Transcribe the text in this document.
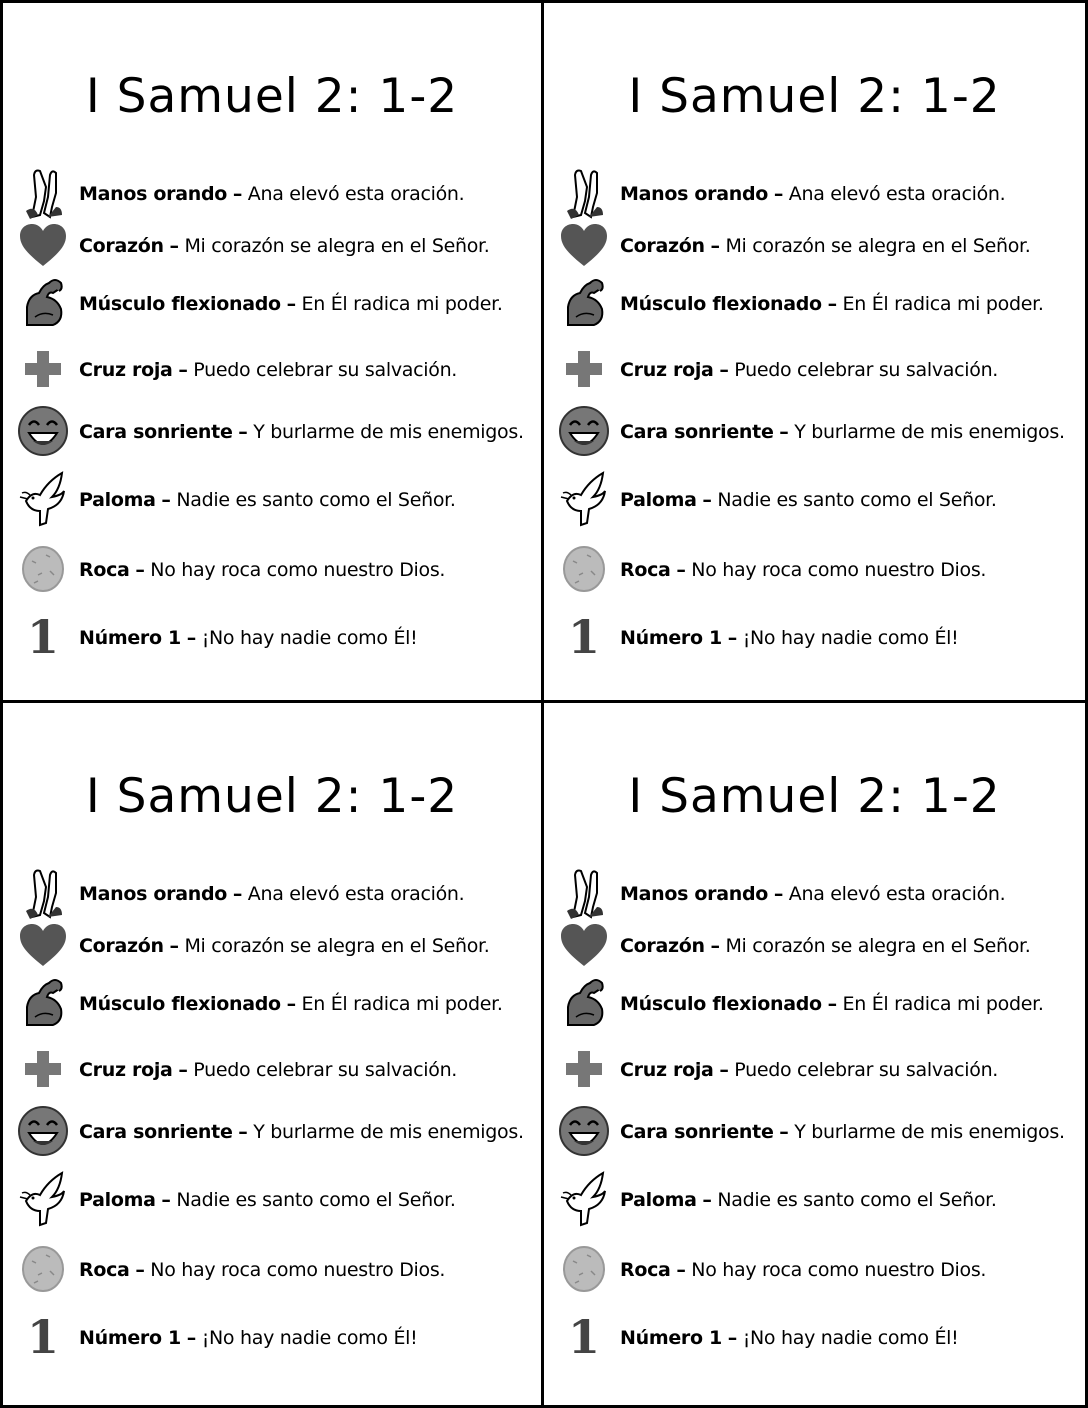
I Samuel 2: 1-2
Manos orando – Ana elevó esta oración.
Corazón – Mi corazón se alegra en el Señor.
Músculo flexionado – En Él radica mi poder.
Cruz roja – Puedo celebrar su salvación.
Cara sonriente – Y burlarme de mis enemigos.
Paloma – Nadie es santo como el Señor.
Roca – No hay roca como nuestro Dios.
1 Número 1 – ¡No hay nadie como Él!
I Samuel 2: 1-2
Manos orando – Ana elevó esta oración.
Corazón – Mi corazón se alegra en el Señor.
Músculo flexionado – En Él radica mi poder.
Cruz roja – Puedo celebrar su salvación.
Cara sonriente – Y burlarme de mis enemigos.
Paloma – Nadie es santo como el Señor.
Roca – No hay roca como nuestro Dios.
1 Número 1 – ¡No hay nadie como Él!
I Samuel 2: 1-2
Manos orando – Ana elevó esta oración.
Corazón – Mi corazón se alegra en el Señor.
Músculo flexionado – En Él radica mi poder.
Cruz roja – Puedo celebrar su salvación.
Cara sonriente – Y burlarme de mis enemigos.
Paloma – Nadie es santo como el Señor.
Roca – No hay roca como nuestro Dios.
1 Número 1 – ¡No hay nadie como Él!
I Samuel 2: 1-2
Manos orando – Ana elevó esta oración.
Corazón – Mi corazón se alegra en el Señor.
Músculo flexionado – En Él radica mi poder.
Cruz roja – Puedo celebrar su salvación.
Cara sonriente – Y burlarme de mis enemigos.
Paloma – Nadie es santo como el Señor.
Roca – No hay roca como nuestro Dios.
1 Número 1 – ¡No hay nadie como Él!
